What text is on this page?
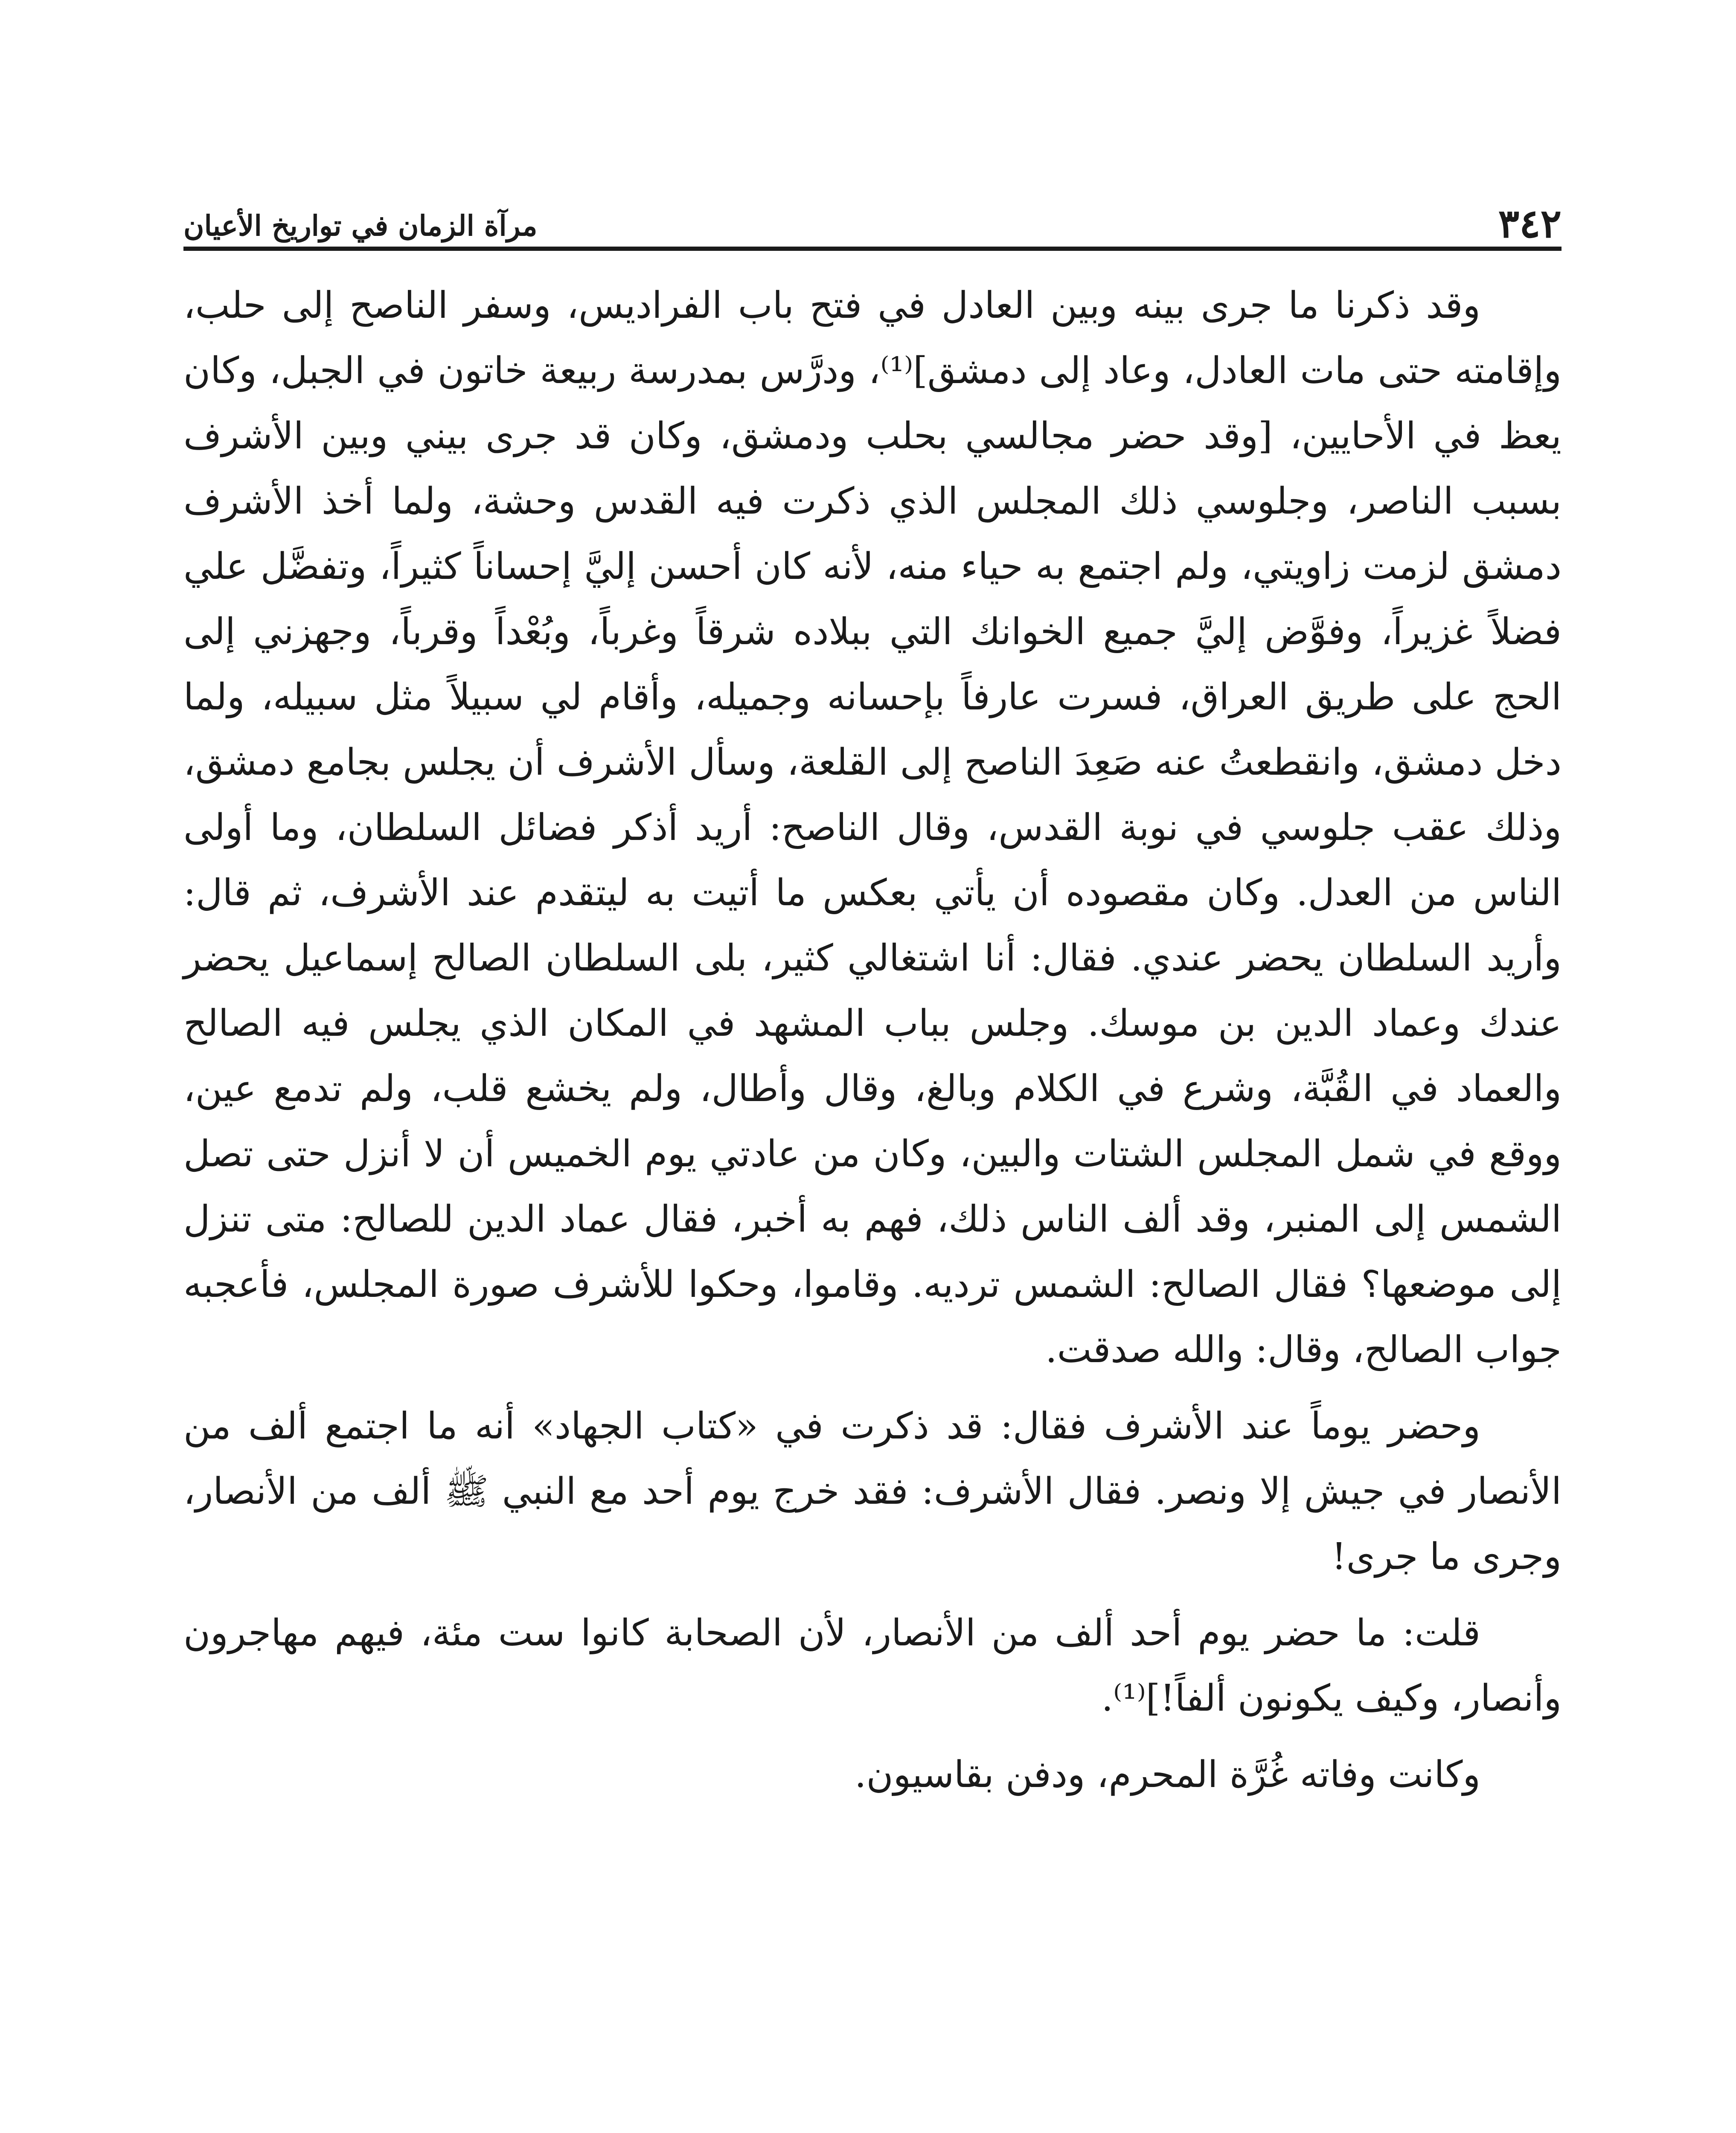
٣٤٢
مرآة الزمان في تواريخ الأعيان

وقد ذكرنا ما جرى بينه وبين العادل في فتح باب الفراديس، وسفر الناصح إلى حلب، وإقامته حتى مات العادل، وعاد إلى دمشق]⁽¹⁾، ودرَّس بمدرسة ربيعة خاتون في الجبل، وكان يعظ في الأحايين، [وقد حضر مجالسي بحلب ودمشق، وكان قد جرى بيني وبين الأشرف بسبب الناصر، وجلوسي ذلك المجلس الذي ذكرت فيه القدس وحشة، ولما أخذ الأشرف دمشق لزمت زاويتي، ولم اجتمع به حياء منه، لأنه كان أحسن إليَّ إحساناً كثيراً، وتفضَّل علي فضلاً غزيراً، وفوَّض إليَّ جميع الخوانك التي ببلاده شرقاً وغرباً، وبُعْداً وقرباً، وجهزني إلى الحج على طريق العراق، فسرت عارفاً بإحسانه وجميله، وأقام لي سبيلاً مثل سبيله، ولما دخل دمشق، وانقطعتُ عنه صَعِدَ الناصح إلى القلعة، وسأل الأشرف أن يجلس بجامع دمشق، وذلك عقب جلوسي في نوبة القدس، وقال الناصح: أريد أذكر فضائل السلطان، وما أولى الناس من العدل. وكان مقصوده أن يأتي بعكس ما أتيت به ليتقدم عند الأشرف، ثم قال: وأريد السلطان يحضر عندي. فقال: أنا اشتغالي كثير، بلى السلطان الصالح إسماعيل يحضر عندك وعماد الدين بن موسك. وجلس بباب المشهد في المكان الذي يجلس فيه الصالح والعماد في القُبَّة، وشرع في الكلام وبالغ، وقال وأطال، ولم يخشع قلب، ولم تدمع عين، ووقع في شمل المجلس الشتات والبين، وكان من عادتي يوم الخميس أن لا أنزل حتى تصل الشمس إلى المنبر، وقد ألف الناس ذلك، فهم به أخبر، فقال عماد الدين للصالح: متى تنزل إلى موضعها؟ فقال الصالح: الشمس ترديه. وقاموا، وحكوا للأشرف صورة المجلس، فأعجبه جواب الصالح، وقال: والله صدقت.

وحضر يوماً عند الأشرف فقال: قد ذكرت في «كتاب الجهاد» أنه ما اجتمع ألف من الأنصار في جيش إلا ونصر. فقال الأشرف: فقد خرج يوم أحد مع النبي ﷺ ألف من الأنصار، وجرى ما جرى!

قلت: ما حضر يوم أحد ألف من الأنصار، لأن الصحابة كانوا ست مئة، فيهم مهاجرون وأنصار، وكيف يكونون ألفاً!]⁽¹⁾.

وكانت وفاته غُرَّة المحرم، ودفن بقاسيون.
